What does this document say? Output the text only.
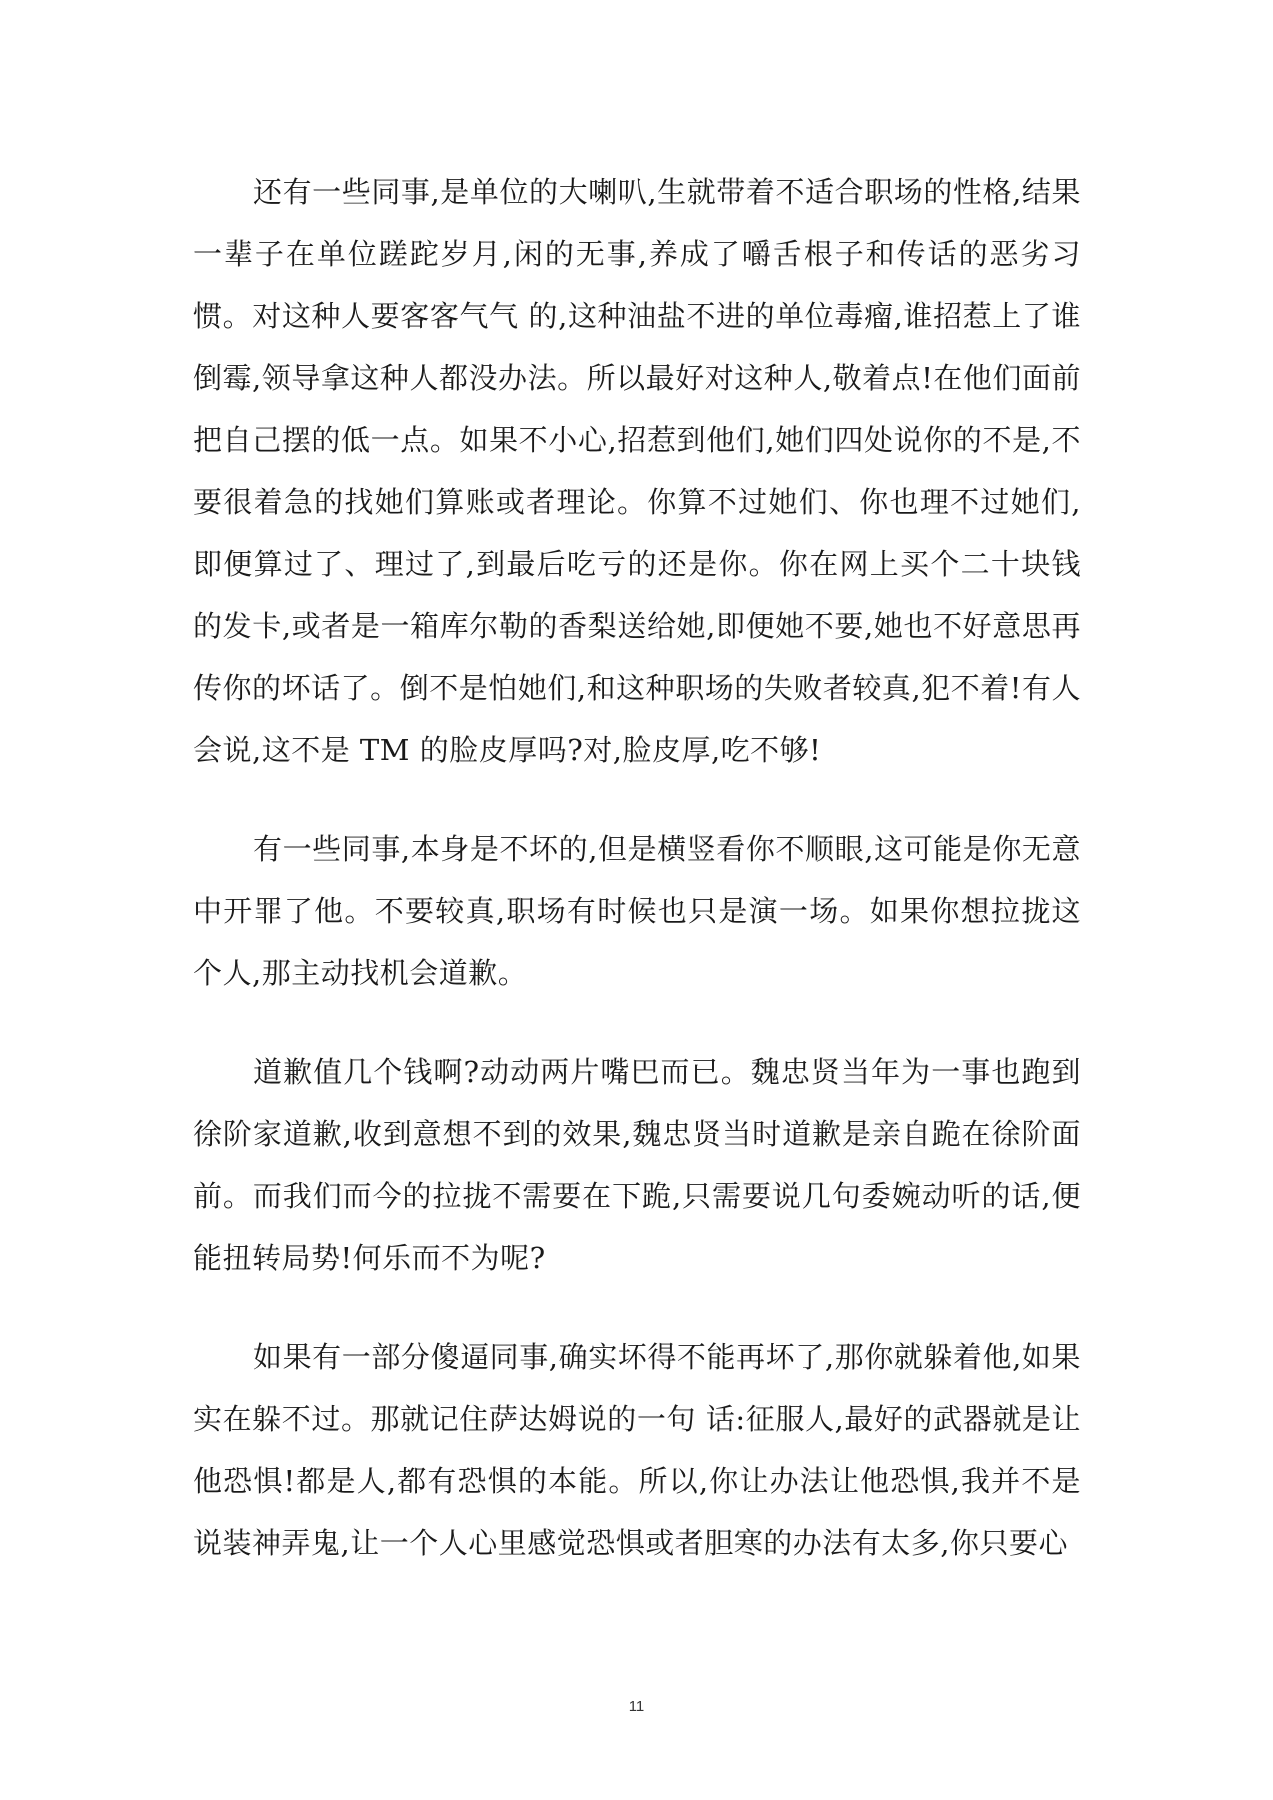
还有一些同事,是单位的大喇叭,生就带着不适合职场的性格,结果一辈子在单位蹉跎岁月,闲的无事,养成了嚼舌根子和传话的恶劣习惯。对这种人要客客气气 的,这种油盐不进的单位毒瘤,谁招惹上了谁倒霉,领导拿这种人都没办法。所以最好对这种人,敬着点!在他们面前把自己摆的低一点。如果不小心,招惹到他们,她们四处说你的不是,不要很着急的找她们算账或者理论。你算不过她们、你也理不过她们,即便算过了、理过了,到最后吃亏的还是你。你在网上买个二十块钱的发卡,或者是一箱库尔勒的香梨送给她,即便她不要,她也不好意思再传你的坏话了。倒不是怕她们,和这种职场的失败者较真,犯不着!有人会说,这不是 TM 的脸皮厚吗?对,脸皮厚,吃不够!

有一些同事,本身是不坏的,但是横竖看你不顺眼,这可能是你无意中开罪了他。不要较真,职场有时候也只是演一场。如果你想拉拢这个人,那主动找机会道歉。

道歉值几个钱啊?动动两片嘴巴而已。魏忠贤当年为一事也跑到徐阶家道歉,收到意想不到的效果,魏忠贤当时道歉是亲自跪在徐阶面前。而我们而今的拉拢不需要在下跪,只需要说几句委婉动听的话,便能扭转局势!何乐而不为呢?

如果有一部分傻逼同事,确实坏得不能再坏了,那你就躲着他,如果实在躲不过。那就记住萨达姆说的一句 话:征服人,最好的武器就是让他恐惧!都是人,都有恐惧的本能。所以,你让办法让他恐惧,我并不是说装神弄鬼,让一个人心里感觉恐惧或者胆寒的办法有太多,你只要心

11
